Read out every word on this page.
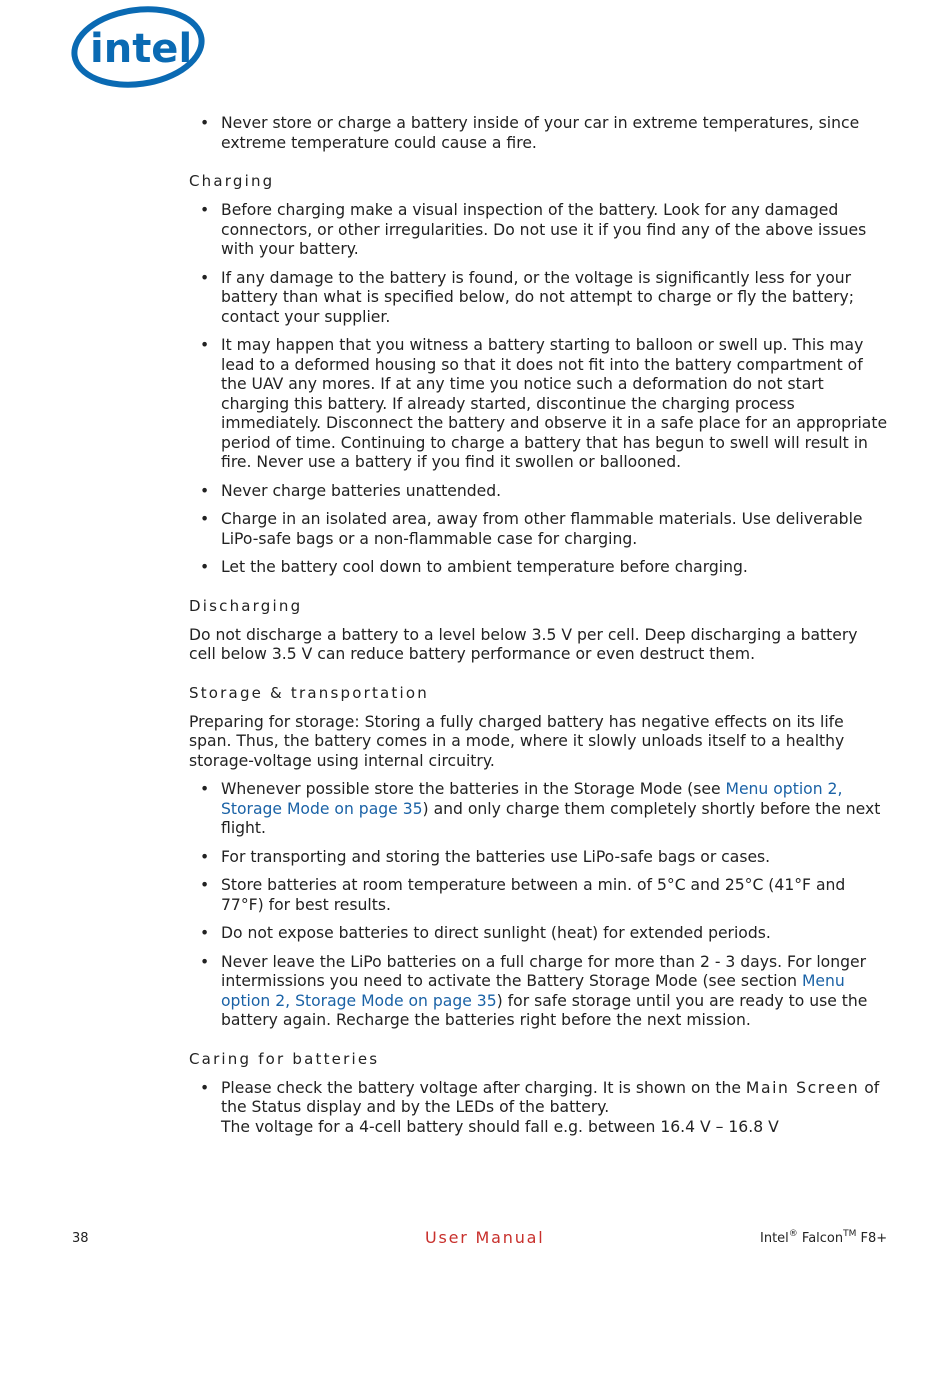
intel
• Never store or charge a battery inside of your car in extreme temperatures, since extreme temperature could cause a fire.
Charging
• Before charging make a visual inspection of the battery. Look for any damaged connectors, or other irregularities. Do not use it if you find any of the above issues with your battery.
• If any damage to the battery is found, or the voltage is significantly less for your battery than what is specified below, do not attempt to charge or fly the battery; contact your supplier.
• It may happen that you witness a battery starting to balloon or swell up. This may lead to a deformed housing so that it does not fit into the battery compartment of the UAV any mores. If at any time you notice such a deformation do not start charging this battery. If already started, discontinue the charging process immediately. Disconnect the battery and observe it in a safe place for an appropriate period of time. Continuing to charge a battery that has begun to swell will result in fire. Never use a battery if you find it swollen or ballooned.
• Never charge batteries unattended.
• Charge in an isolated area, away from other flammable materials. Use deliverable LiPo-safe bags or a non-flammable case for charging.
• Let the battery cool down to ambient temperature before charging.
Discharging

Do not discharge a battery to a level below 3.5 V per cell. Deep discharging a battery cell below 3.5 V can reduce battery performance or even destruct them.

Storage & transportation

Preparing for storage: Storing a fully charged battery has negative effects on its life span. Thus, the battery comes in a mode, where it slowly unloads itself to a healthy storage-voltage using internal circuitry.

• Whenever possible store the batteries in the Storage Mode (see Menu option 2, Storage Mode on page 35) and only charge them completely shortly before the next flight.
• For transporting and storing the batteries use LiPo-safe bags or cases.
• Store batteries at room temperature between a min. of 5°C and 25°C (41°F and 77°F) for best results.
• Do not expose batteries to direct sunlight (heat) for extended periods.
• Never leave the LiPo batteries on a full charge for more than 2 - 3 days. For longer intermissions you need to activate the Battery Storage Mode (see section Menu option 2, Storage Mode on page 35) for safe storage until you are ready to use the battery again. Recharge the batteries right before the next mission.
Caring for batteries
• Please check the battery voltage after charging. It is shown on the Main Screen of the Status display and by the LEDs of the battery.
The voltage for a 4-cell battery should fall e.g. between 16.4 V – 16.8 V
38	User Manual	Intel® Falcon™ F8+
